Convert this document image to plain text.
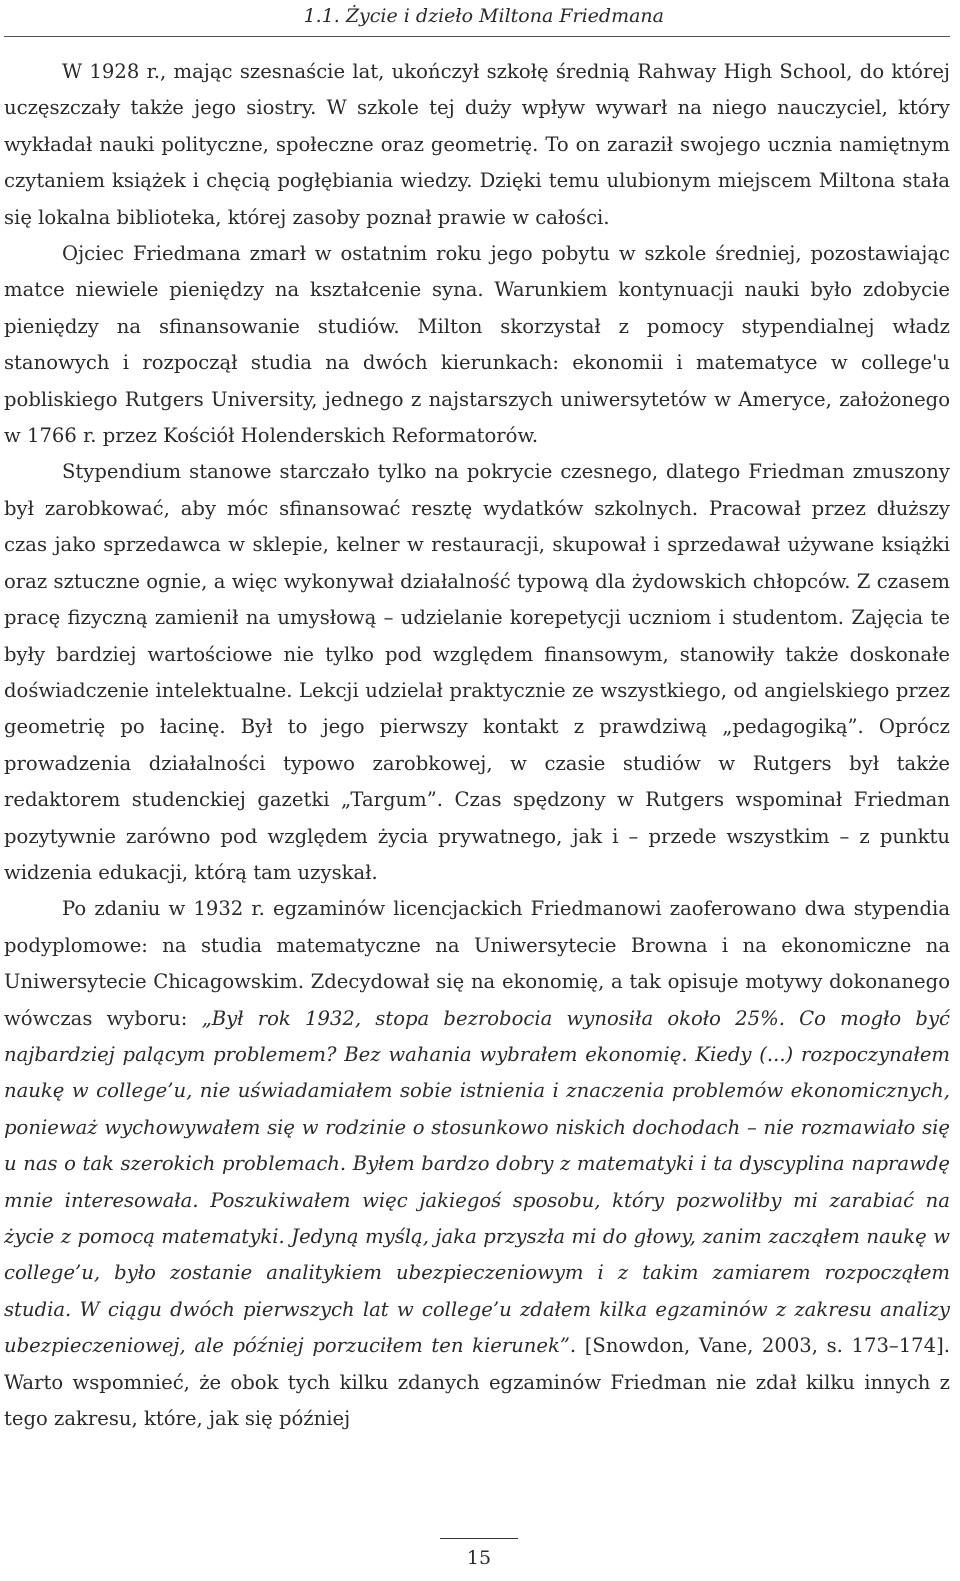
1.1. Życie i dzieło Miltona Friedmana

W 1928 r., mając szesnaście lat, ukończył szkołę średnią Rahway High School, do której uczęszczały także jego siostry. W szkole tej duży wpływ wywarł na niego nauczyciel, który wykładał nauki polityczne, społeczne oraz geometrię. To on zaraził swojego ucznia namiętnym czytaniem książek i chęcią pogłębiania wiedzy. Dzięki temu ulubionym miejscem Miltona stała się lokalna biblioteka, której zasoby poznał prawie w całości.

Ojciec Friedmana zmarł w ostatnim roku jego pobytu w szkole średniej, pozostawiając matce niewiele pieniędzy na kształcenie syna. Warunkiem kontynuacji nauki było zdobycie pieniędzy na sfinansowanie studiów. Milton skorzystał z pomocy stypendialnej władz stanowych i rozpoczął studia na dwóch kierunkach: ekonomii i matematyce w college'u pobliskiego Rutgers University, jednego z najstarszych uniwersytetów w Ameryce, założonego w 1766 r. przez Kościół Holenderskich Reformatorów.

Stypendium stanowe starczało tylko na pokrycie czesnego, dlatego Friedman zmuszony był zarobkować, aby móc sfinansować resztę wydatków szkolnych. Pracował przez dłuższy czas jako sprzedawca w sklepie, kelner w restauracji, skupował i sprzedawał używane książki oraz sztuczne ognie, a więc wykonywał działalność typową dla żydowskich chłopców. Z czasem pracę fizyczną zamienił na umysłową – udzielanie korepetycji uczniom i studentom. Zajęcia te były bardziej wartościowe nie tylko pod względem finansowym, stanowiły także doskonałe doświadczenie intelektualne. Lekcji udzielał praktycznie ze wszystkiego, od angielskiego przez geometrię po łacinę. Był to jego pierwszy kontakt z prawdziwą „pedagogiką”. Oprócz prowadzenia działalności typowo zarobkowej, w czasie studiów w Rutgers był także redaktorem studenckiej gazetki „Targum”. Czas spędzony w Rutgers wspominał Friedman pozytywnie zarówno pod względem życia prywatnego, jak i – przede wszystkim – z punktu widzenia edukacji, którą tam uzyskał.

Po zdaniu w 1932 r. egzaminów licencjackich Friedmanowi zaoferowano dwa stypendia podyplomowe: na studia matematyczne na Uniwersytecie Browna i na ekonomiczne na Uniwersytecie Chicagowskim. Zdecydował się na ekonomię, a tak opisuje motywy dokonanego wówczas wyboru: „Był rok 1932, stopa bezrobocia wynosiła około 25%. Co mogło być najbardziej palącym problemem? Bez wahania wybrałem ekonomię. Kiedy (...) rozpoczynałem naukę w college’u, nie uświadamiałem sobie istnienia i znaczenia problemów ekonomicznych, ponieważ wychowywałem się w rodzinie o stosunkowo niskich dochodach – nie rozmawiało się u nas o tak szerokich problemach. Byłem bardzo dobry z matematyki i ta dyscyplina naprawdę mnie interesowała. Poszukiwałem więc jakiegoś sposobu, który pozwoliłby mi zarabiać na życie z pomocą matematyki. Jedyną myślą, jaka przyszła mi do głowy, zanim zacząłem naukę w college’u, było zostanie analitykiem ubezpieczeniowym i z takim zamiarem rozpocząłem studia. W ciągu dwóch pierwszych lat w college’u zdałem kilka egzaminów z zakresu analizy ubezpieczeniowej, ale później porzuciłem ten kierunek”. [Snowdon, Vane, 2003, s. 173–174]. Warto wspomnieć, że obok tych kilku zdanych egzaminów Friedman nie zdał kilku innych z tego zakresu, które, jak się później

15
